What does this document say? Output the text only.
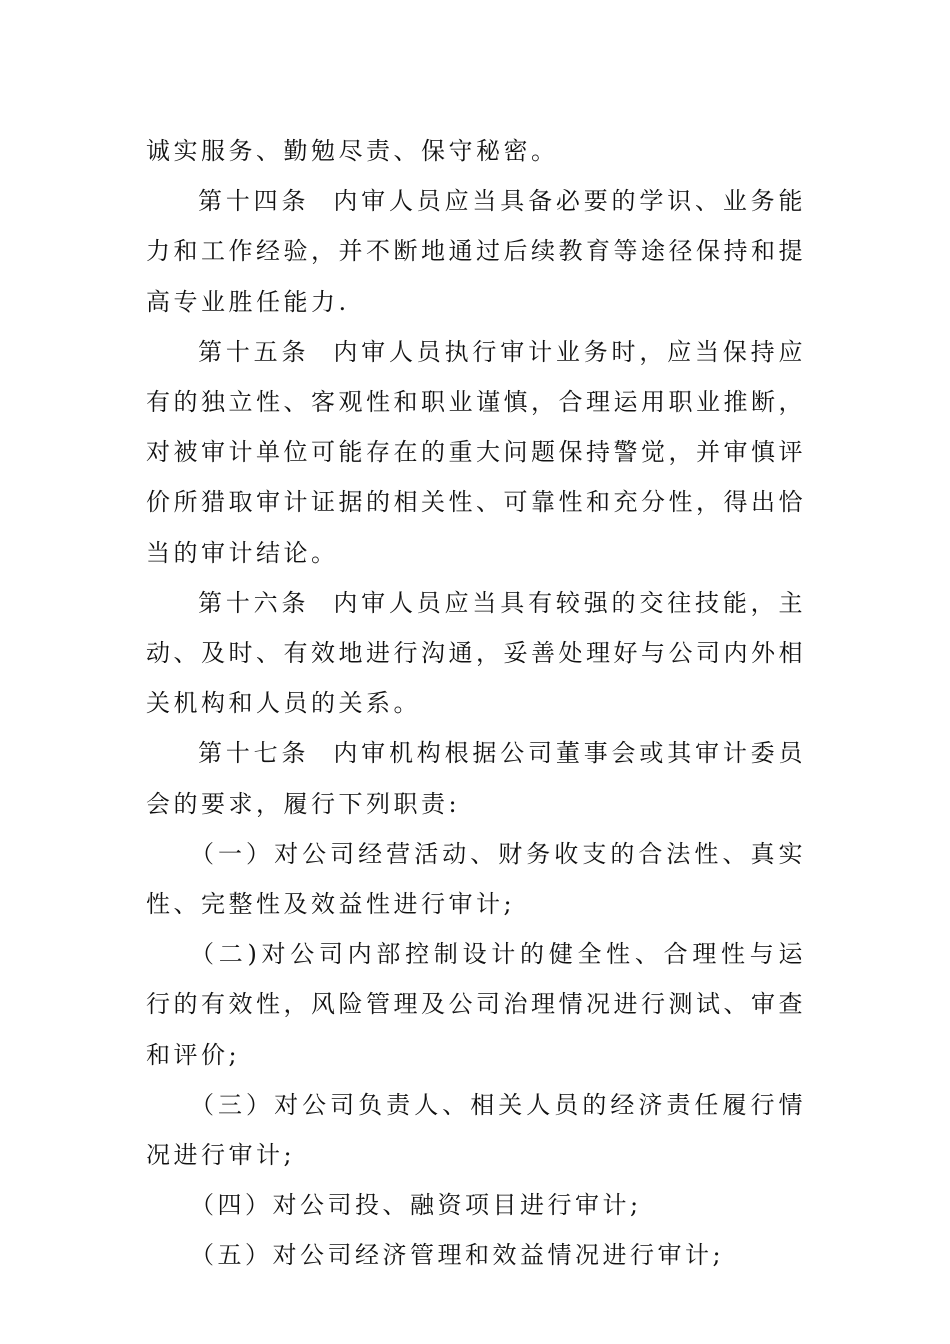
诚实服务、勤勉尽责、保守秘密。

第十四条 内审人员应当具备必要的学识、业务能力和工作经验，并不断地通过后续教育等途径保持和提高专业胜任能力.

第十五条 内审人员执行审计业务时，应当保持应有的独立性、客观性和职业谨慎，合理运用职业推断，对被审计单位可能存在的重大问题保持警觉，并审慎评价所猎取审计证据的相关性、可靠性和充分性，得出恰当的审计结论。

第十六条 内审人员应当具有较强的交往技能，主动、及时、有效地进行沟通，妥善处理好与公司内外相关机构和人员的关系。

第十七条 内审机构根据公司董事会或其审计委员会的要求，履行下列职责:

（一）对公司经营活动、财务收支的合法性、真实性、完整性及效益性进行审计;

（二)对公司内部控制设计的健全性、合理性与运行的有效性，风险管理及公司治理情况进行测试、审查和评价;

（三）对公司负责人、相关人员的经济责任履行情况进行审计;

（四）对公司投、融资项目进行审计;

（五）对公司经济管理和效益情况进行审计;
